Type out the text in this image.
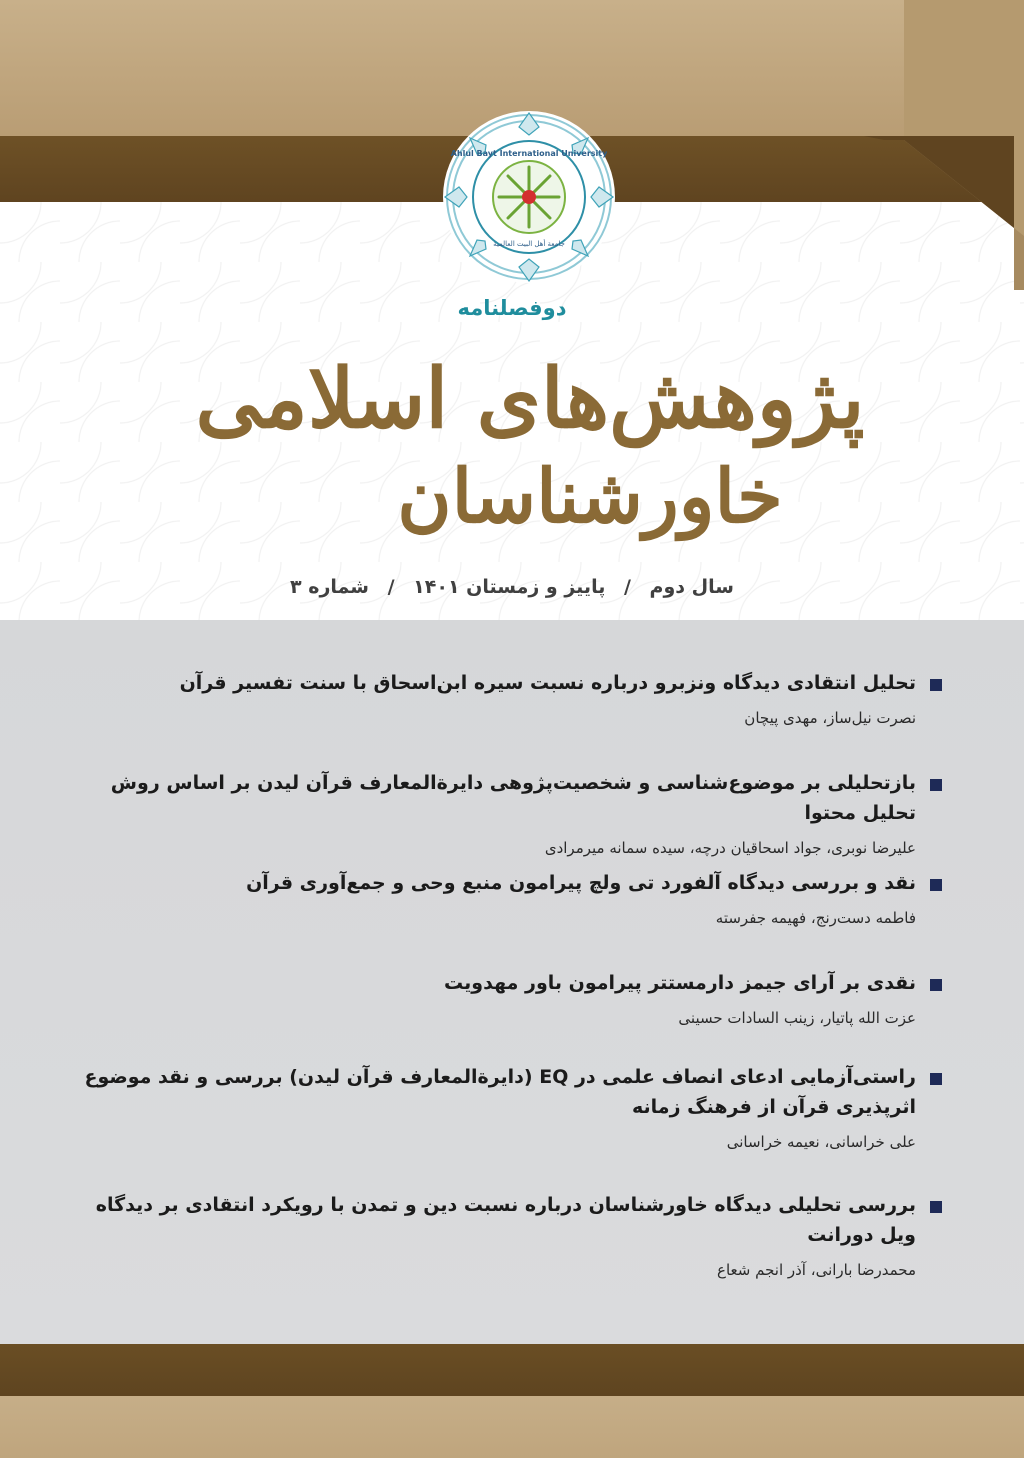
Ahlul Bayt International University
جامعة أهل البيت العالمية
دوفصلنامه
پژوهش‌های اسلامی
خاورشناسان
سال دوم / پاییز و زمستان ۱۴۰۱ / شماره ۳
تحلیل انتقادی دیدگاه ونزبرو درباره نسبت سیره ابن‌اسحاق با سنت تفسیر قرآن
نصرت نیل‌ساز، مهدی پیچان
بازتحلیلی بر موضوع‌شناسی و شخصیت‌پژوهی دایرةالمعارف قرآن لیدن بر اساس روش تحلیل محتوا
علیرضا نوبری، جواد اسحاقیان درچه، سیده سمانه میرمرادی
نقد و بررسی دیدگاه آلفورد تی ولچ پیرامون منبع وحی و جمع‌آوری قرآن
فاطمه دست‌رنج، فهیمه جفرسته
نقدی بر آرای جیمز دارمستتر پیرامون باور مهدویت
عزت الله پاتیار، زینب السادات حسینی
راستی‌آزمایی ادعای انصاف علمی در EQ (دایرةالمعارف قرآن لیدن) بررسی و نقد موضوع اثرپذیری قرآن از فرهنگ زمانه
علی خراسانی، نعیمه خراسانی
بررسی تحلیلی دیدگاه خاورشناسان درباره نسبت دین و تمدن با رویکرد انتقادی بر دیدگاه ویل دورانت
محمدرضا بارانی، آذر انجم شعاع
